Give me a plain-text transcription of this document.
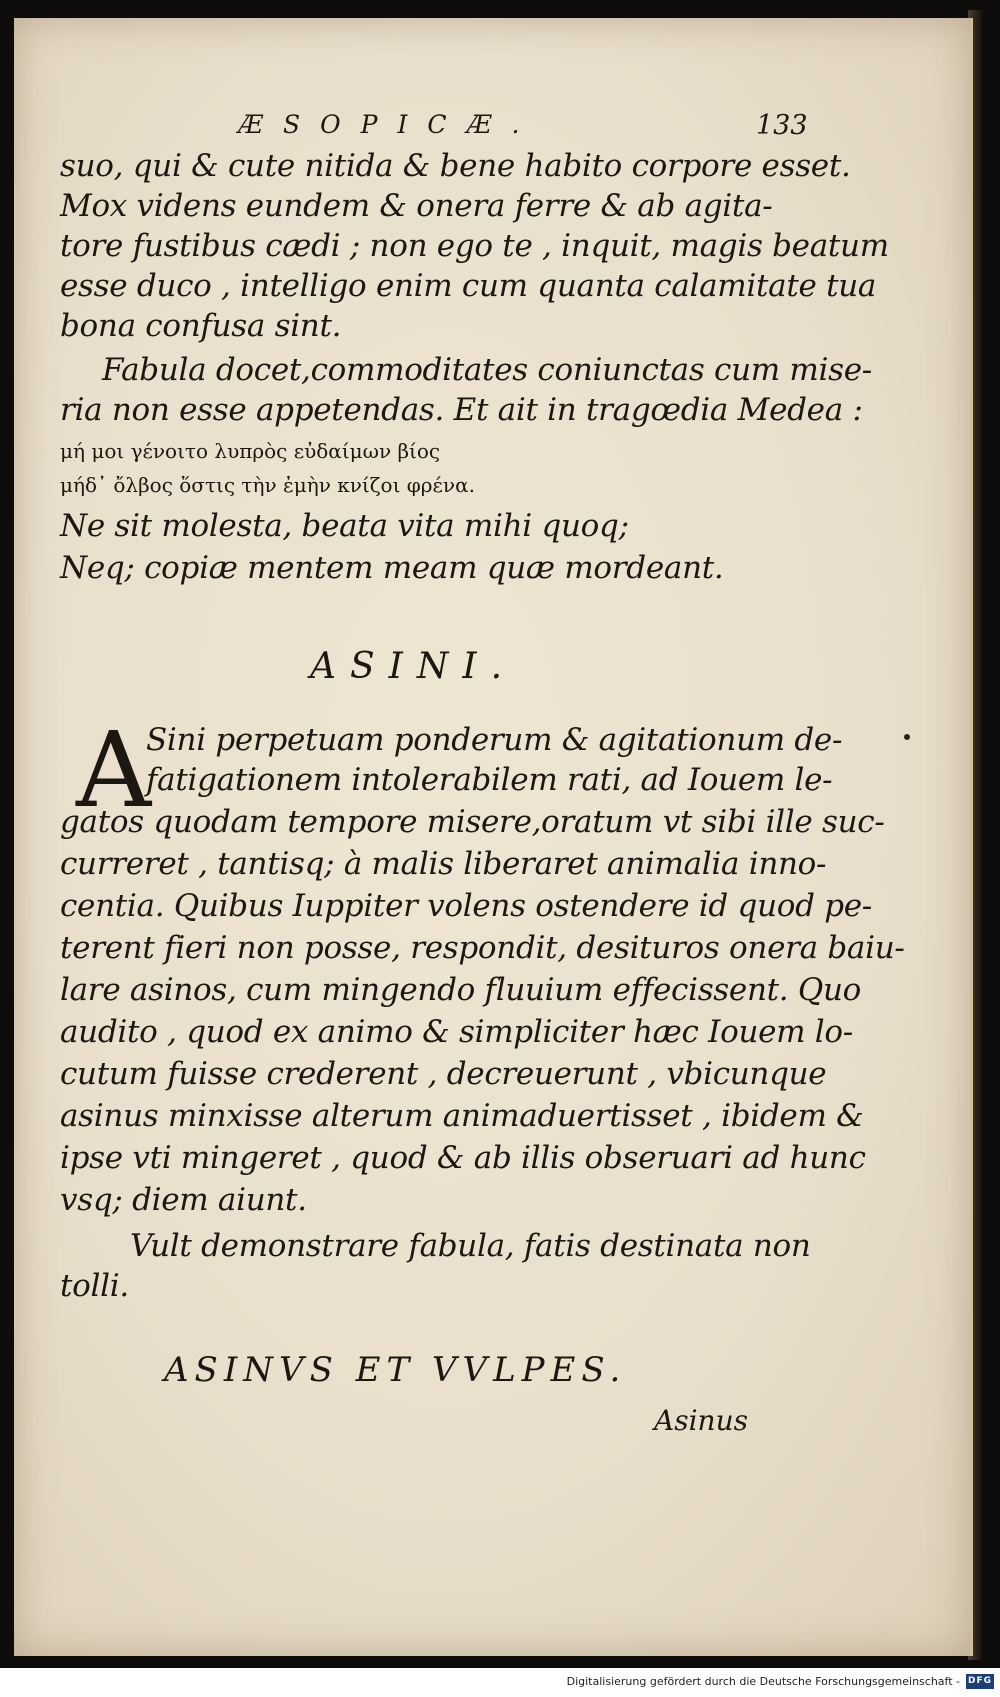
ÆSOPICÆ.	133
suo, qui & cute nitida & bene habito corpore esset.
Mox videns eundem & onera ferre & ab agita-
tore fustibus cædi ; non ego te , inquit, magis beatum
esse duco , intelligo enim cum quanta calamitate tua
bona confusa sint.
Fabula docet,commoditates coniunctas cum mise-
ria non esse appetendas. Et ait in tragœdia Medea :
μή μοι γένοιτο λυπρὸς εὐδαίμων βίος
μήδ᾽ ὄλβος ὅστις τὴν ἐμὴν κνίζοι φρένα.
Ne sit molesta, beata vita mihi quoq;
Neq; copiæ mentem meam quæ mordeant.
ASINI.
A
Sini perpetuam ponderum & agitationum de-
fatigationem intolerabilem rati, ad Iouem le-
gatos quodam tempore misere,oratum vt sibi ille suc-
curreret , tantisq; à malis liberaret animalia inno-
centia. Quibus Iuppiter volens ostendere id quod pe-
terent fieri non posse, respondit, desituros onera baiu-
lare asinos, cum mingendo fluuium effecissent. Quo
audito , quod ex animo & simpliciter hæc Iouem lo-
cutum fuisse crederent , decreuerunt , vbicunque
asinus minxisse alterum animaduertisset , ibidem &
ipse vti mingeret , quod & ab illis obseruari ad hunc
vsq; diem aiunt.
Vult demonstrare fabula, fatis destinata non
tolli.
ASINVS ET VVLPES.
Asinus
Digitalisierung gefördert durch die Deutsche Forschungsgemeinschaft - DFG
